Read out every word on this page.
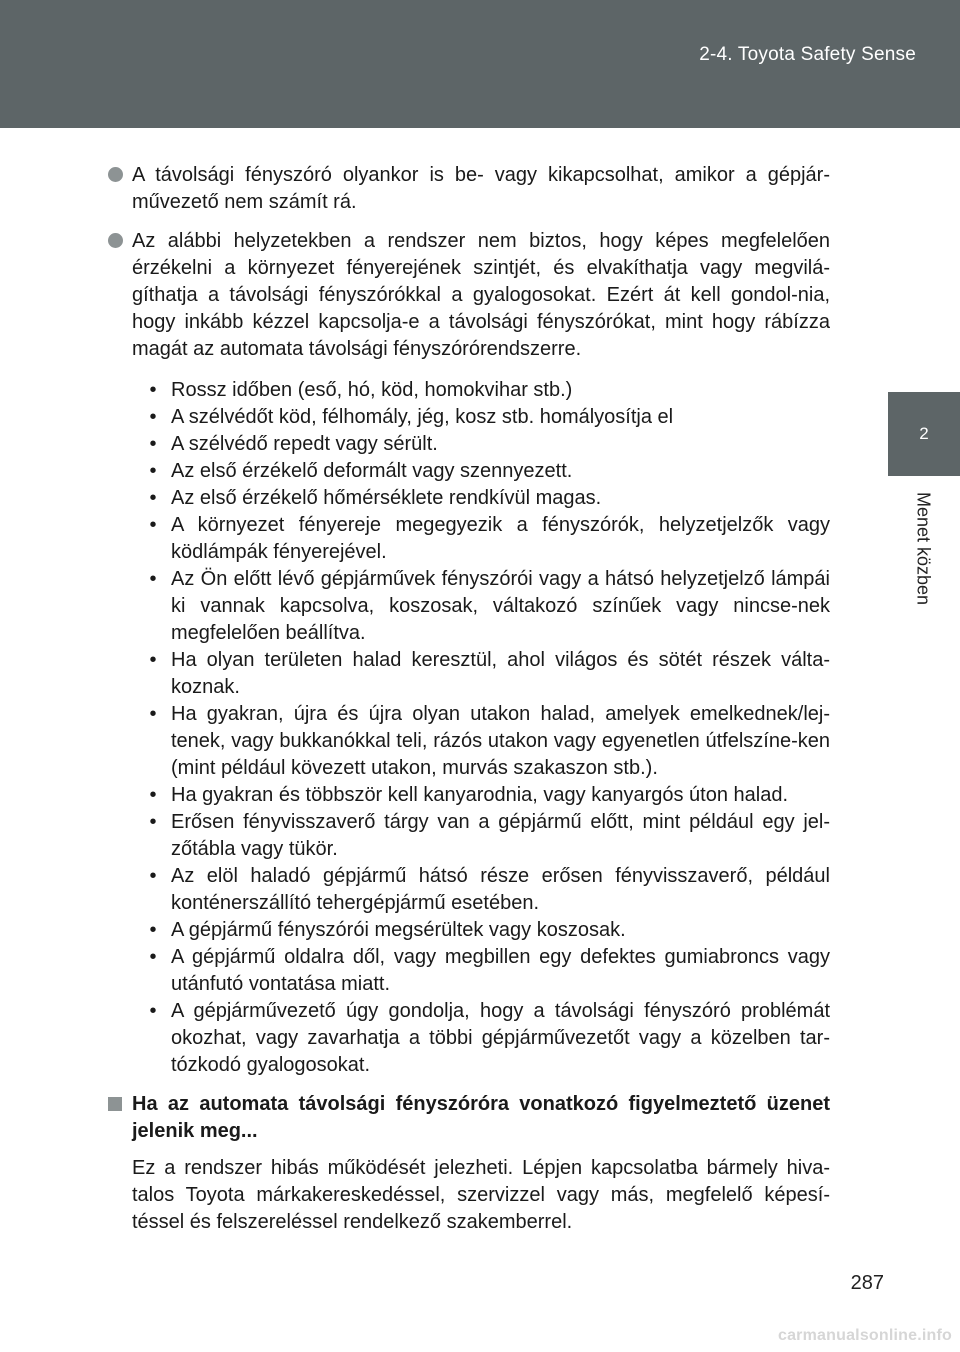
2-4. Toyota Safety Sense
2
Menet közben

A távolsági fényszóró olyankor is be- vagy kikapcsolhat, amikor a gépjár-művezető nem számít rá.

Az alábbi helyzetekben a rendszer nem biztos, hogy képes megfelelően érzékelni a környezet fényerejének szintjét, és elvakíthatja vagy megvilá-gíthatja a távolsági fényszórókkal a gyalogosokat. Ezért át kell gondol-nia, hogy inkább kézzel kapcsolja-e a távolsági fényszórókat, mint hogy rábízza magát az automata távolsági fényszórórendszerre.

• Rossz időben (eső, hó, köd, homokvihar stb.)
• A szélvédőt köd, félhomály, jég, kosz stb. homályosítja el
• A szélvédő repedt vagy sérült.
• Az első érzékelő deformált vagy szennyezett.
• Az első érzékelő hőmérséklete rendkívül magas.
• A környezet fényereje megegyezik a fényszórók, helyzetjelzők vagy ködlámpák fényerejével.
• Az Ön előtt lévő gépjárművek fényszórói vagy a hátsó helyzetjelző lámpái ki vannak kapcsolva, koszosak, váltakozó színűek vagy nincse-nek megfelelően beállítva.
• Ha olyan területen halad keresztül, ahol világos és sötét részek válta-koznak.
• Ha gyakran, újra és újra olyan utakon halad, amelyek emelkednek/lej-tenek, vagy bukkanókkal teli, rázós utakon vagy egyenetlen útfelszíne-ken (mint például kövezett utakon, murvás szakaszon stb.).
• Ha gyakran és többször kell kanyarodnia, vagy kanyargós úton halad.
• Erősen fényvisszaverő tárgy van a gépjármű előtt, mint például egy jel-zőtábla vagy tükör.
• Az elöl haladó gépjármű hátsó része erősen fényvisszaverő, például konténerszállító tehergépjármű esetében.
• A gépjármű fényszórói megsérültek vagy koszosak.
• A gépjármű oldalra dől, vagy megbillen egy defektes gumiabroncs vagy utánfutó vontatása miatt.
• A gépjárművezető úgy gondolja, hogy a távolsági fényszóró problémát okozhat, vagy zavarhatja a többi gépjárművezetőt vagy a közelben tar-tózkodó gyalogosokat.

Ha az automata távolsági fényszóróra vonatkozó figyelmeztető üzenet jelenik meg...

Ez a rendszer hibás működését jelezheti. Lépjen kapcsolatba bármely hiva-talos Toyota márkakereskedéssel, szervizzel vagy más, megfelelő képesí-téssel és felszereléssel rendelkező szakemberrel.

287
carmanualsonline.info
